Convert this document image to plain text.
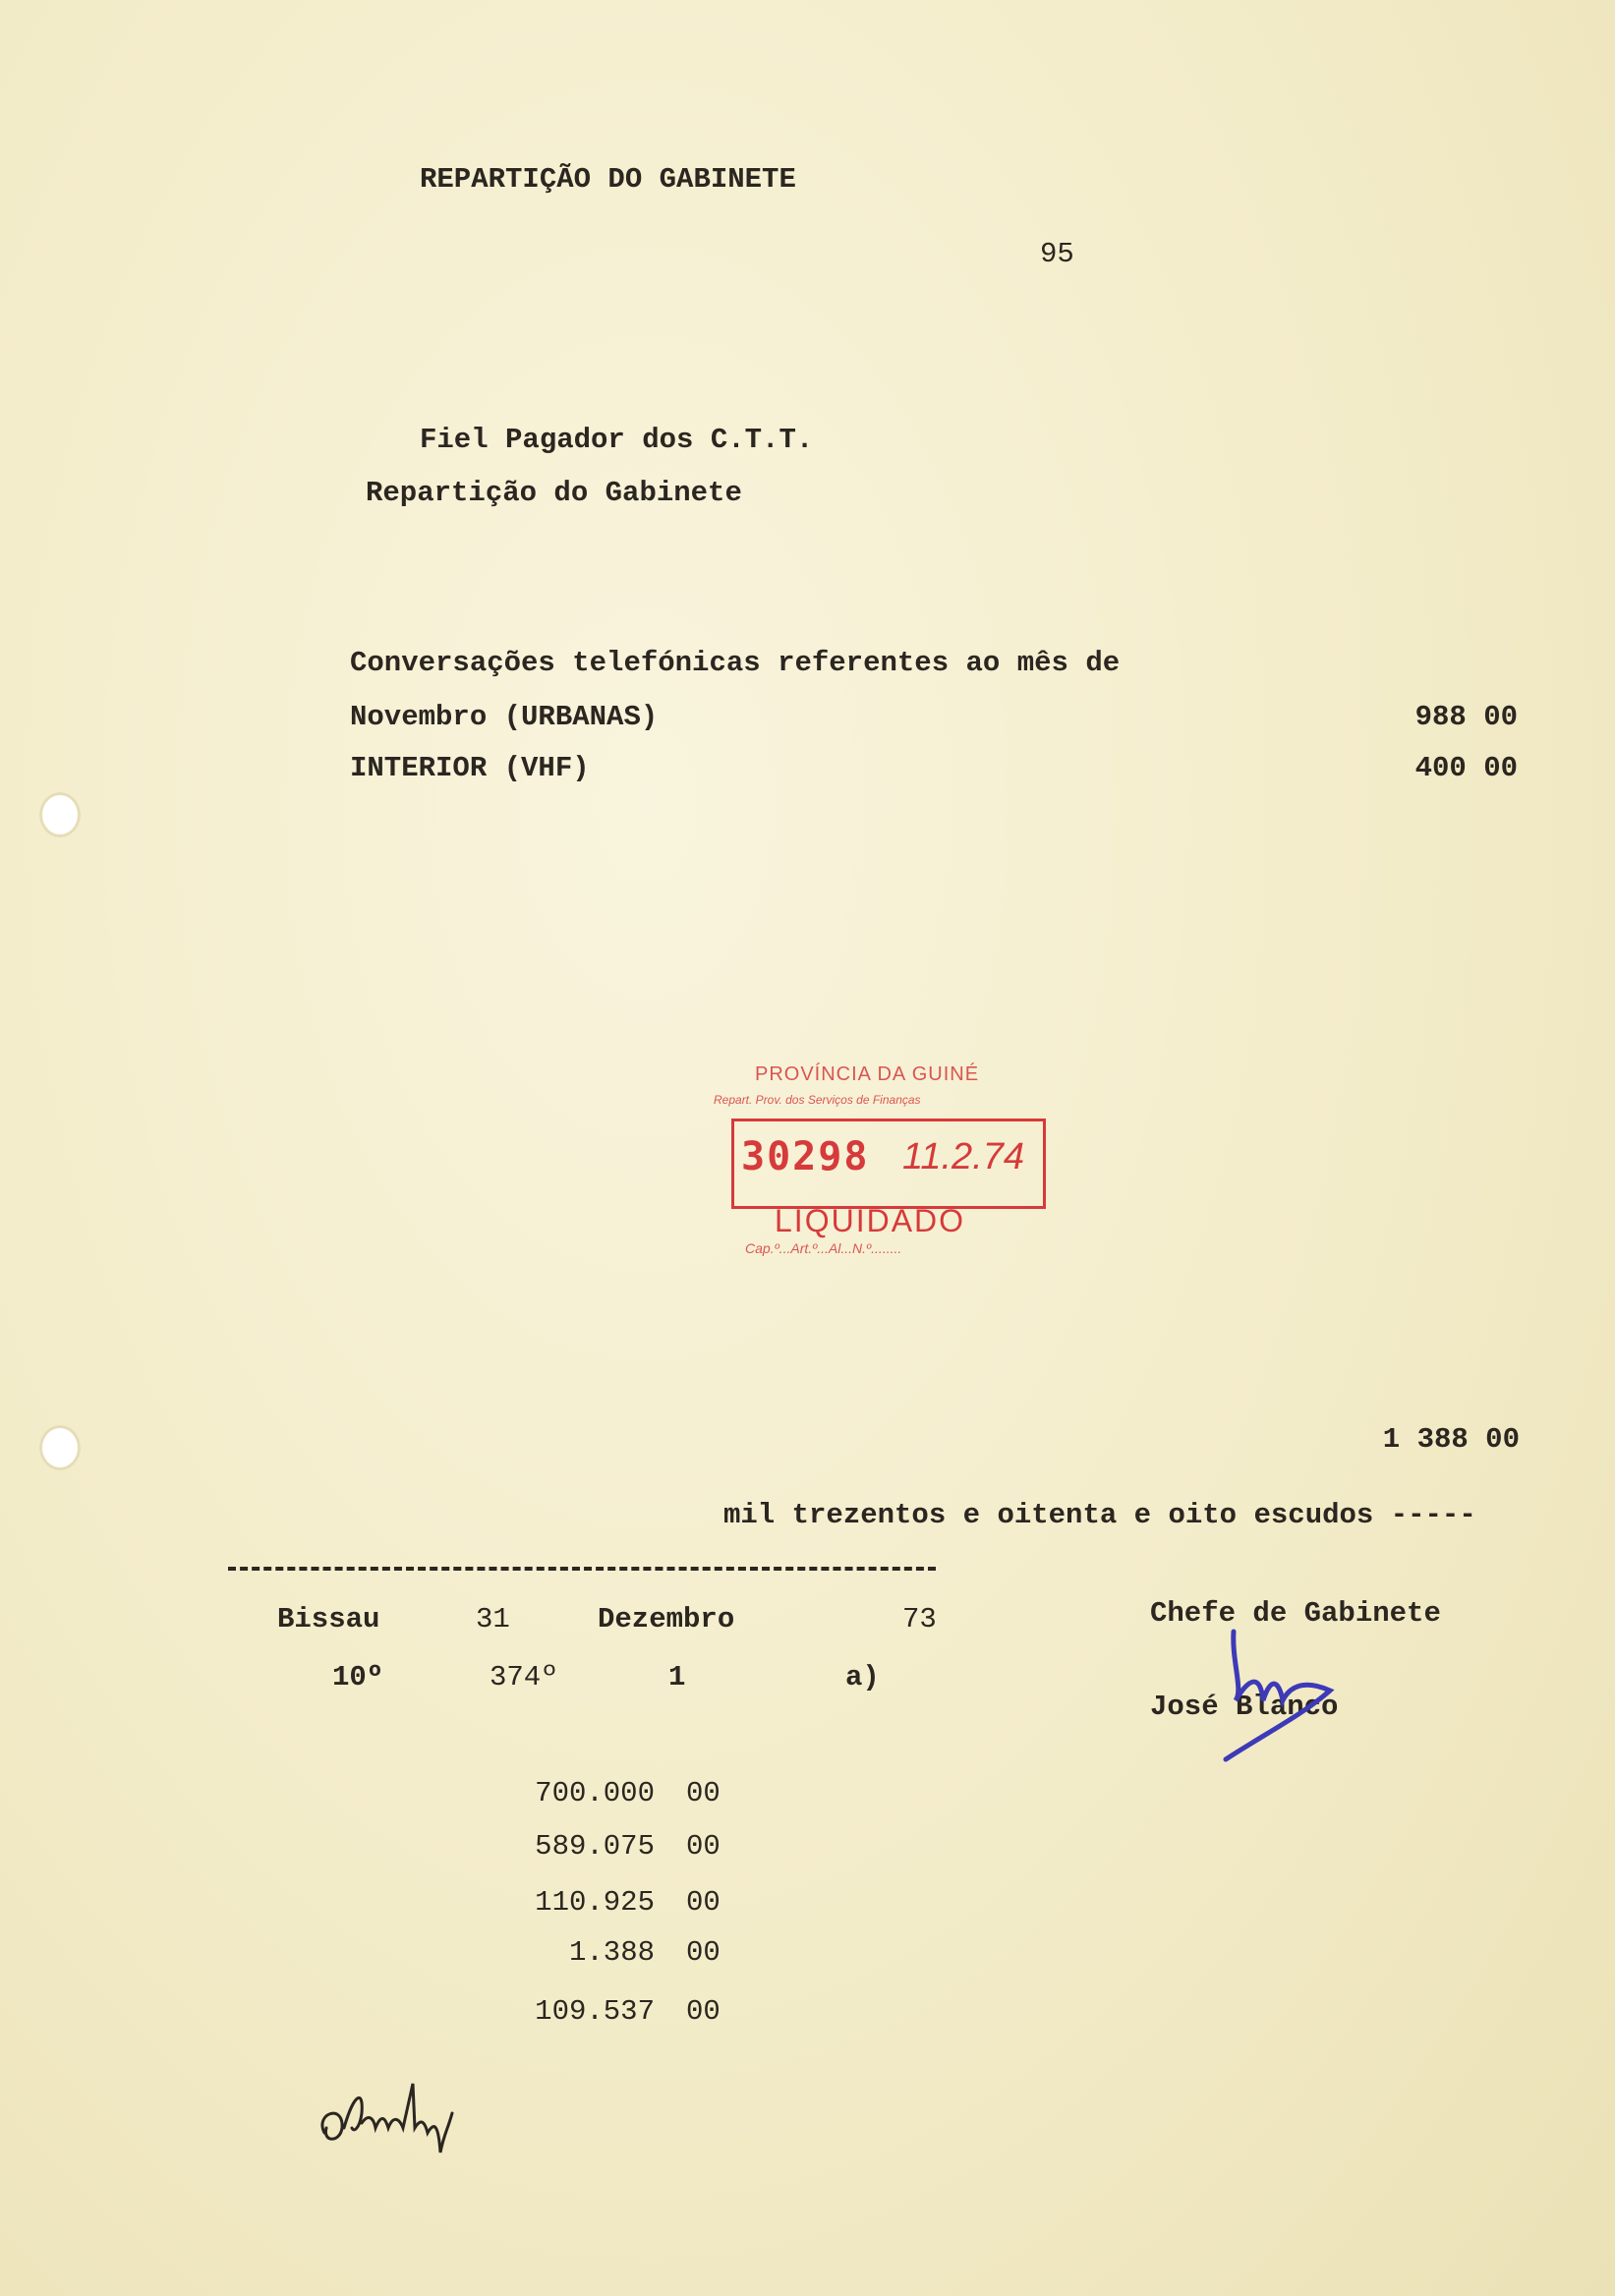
REPARTIÇÃO DO GABINETE
95
Fiel Pagador dos C.T.T.
Repartição do Gabinete
Conversações telefónicas referentes ao mês de
Novembro (URBANAS)	988 00
INTERIOR (VHF)	400 00
PROVÍNCIA DA GUINÉ
Repart. Prov. dos Serviços de Finanças
30298 11.2.74
LIQUIDADO
Cap.º...Art.º...Al...N.º........
1 388 00
mil trezentos e oitenta e oito escudos -----
Bissau	31	Dezembro	73
10º	374º	1	a)
Chefe de Gabinete
José Blanco
700.000 00
589.075 00
110.925 00
1.388 00
109.537 00
